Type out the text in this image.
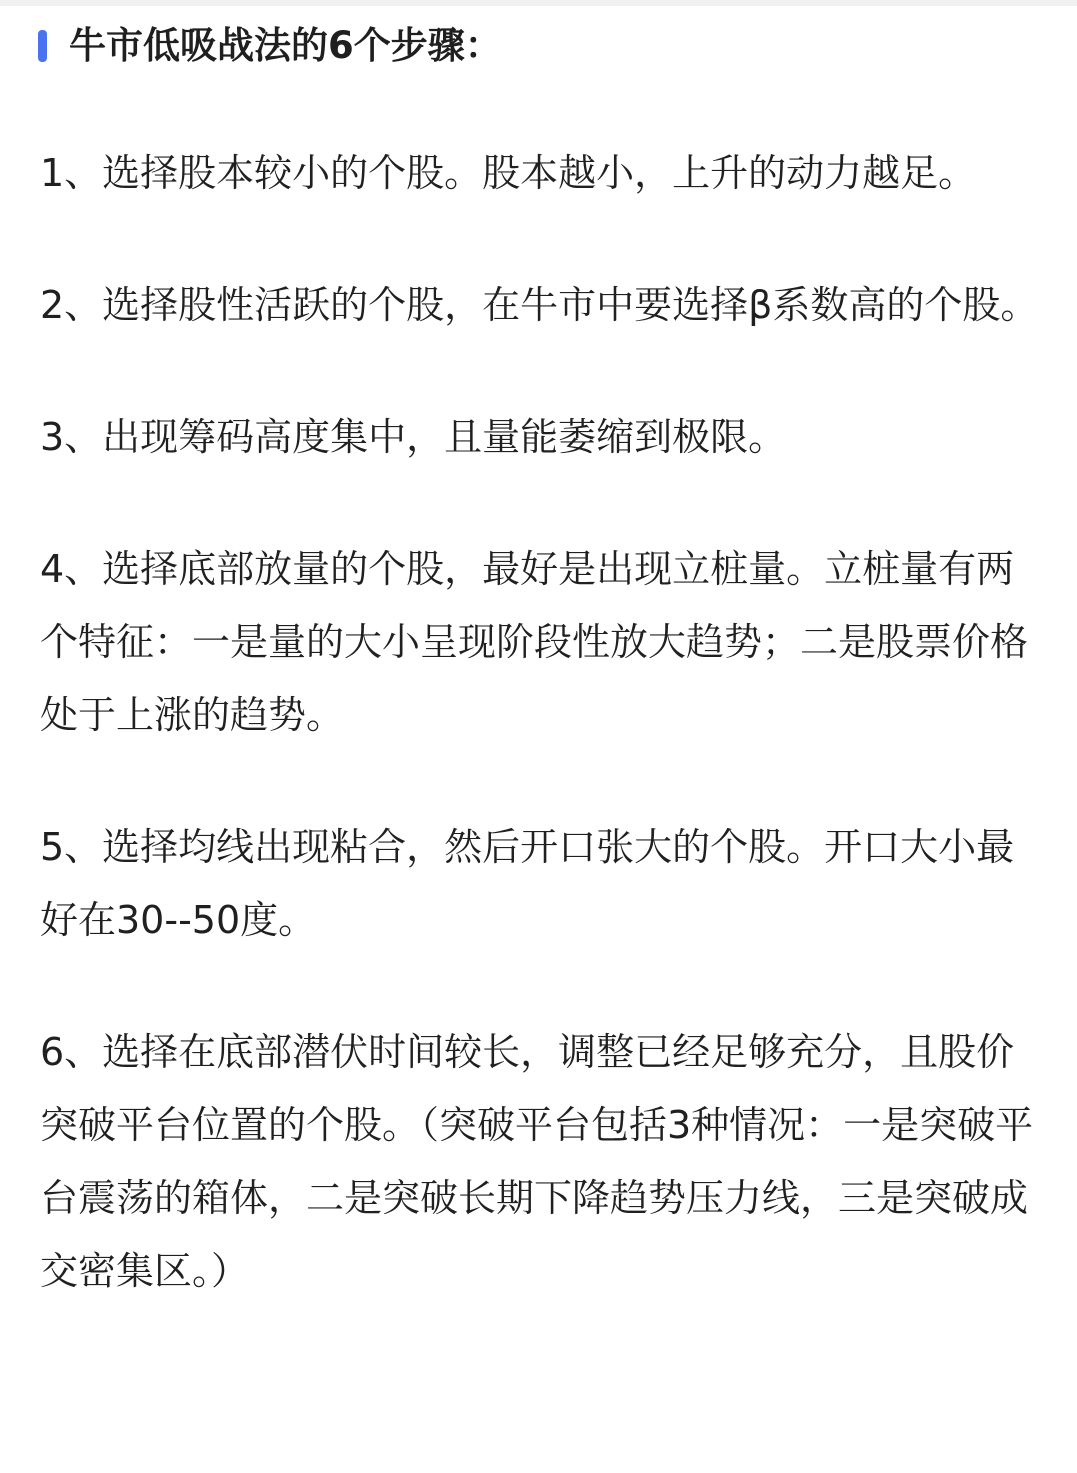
牛市低吸战法的6个步骤：

1、选择股本较小的个股。股本越小，上升的动力越足。

2、选择股性活跃的个股，在牛市中要选择β系数高的个股。

3、出现筹码高度集中，且量能萎缩到极限。

4、选择底部放量的个股，最好是出现立桩量。立桩量有两个特征：一是量的大小呈现阶段性放大趋势；二是股票价格处于上涨的趋势。

5、选择均线出现粘合，然后开口张大的个股。开口大小最好在30--50度。

6、选择在底部潜伏时间较长，调整已经足够充分，且股价突破平台位置的个股。（突破平台包括3种情况：一是突破平台震荡的箱体，二是突破长期下降趋势压力线，三是突破成交密集区。）
